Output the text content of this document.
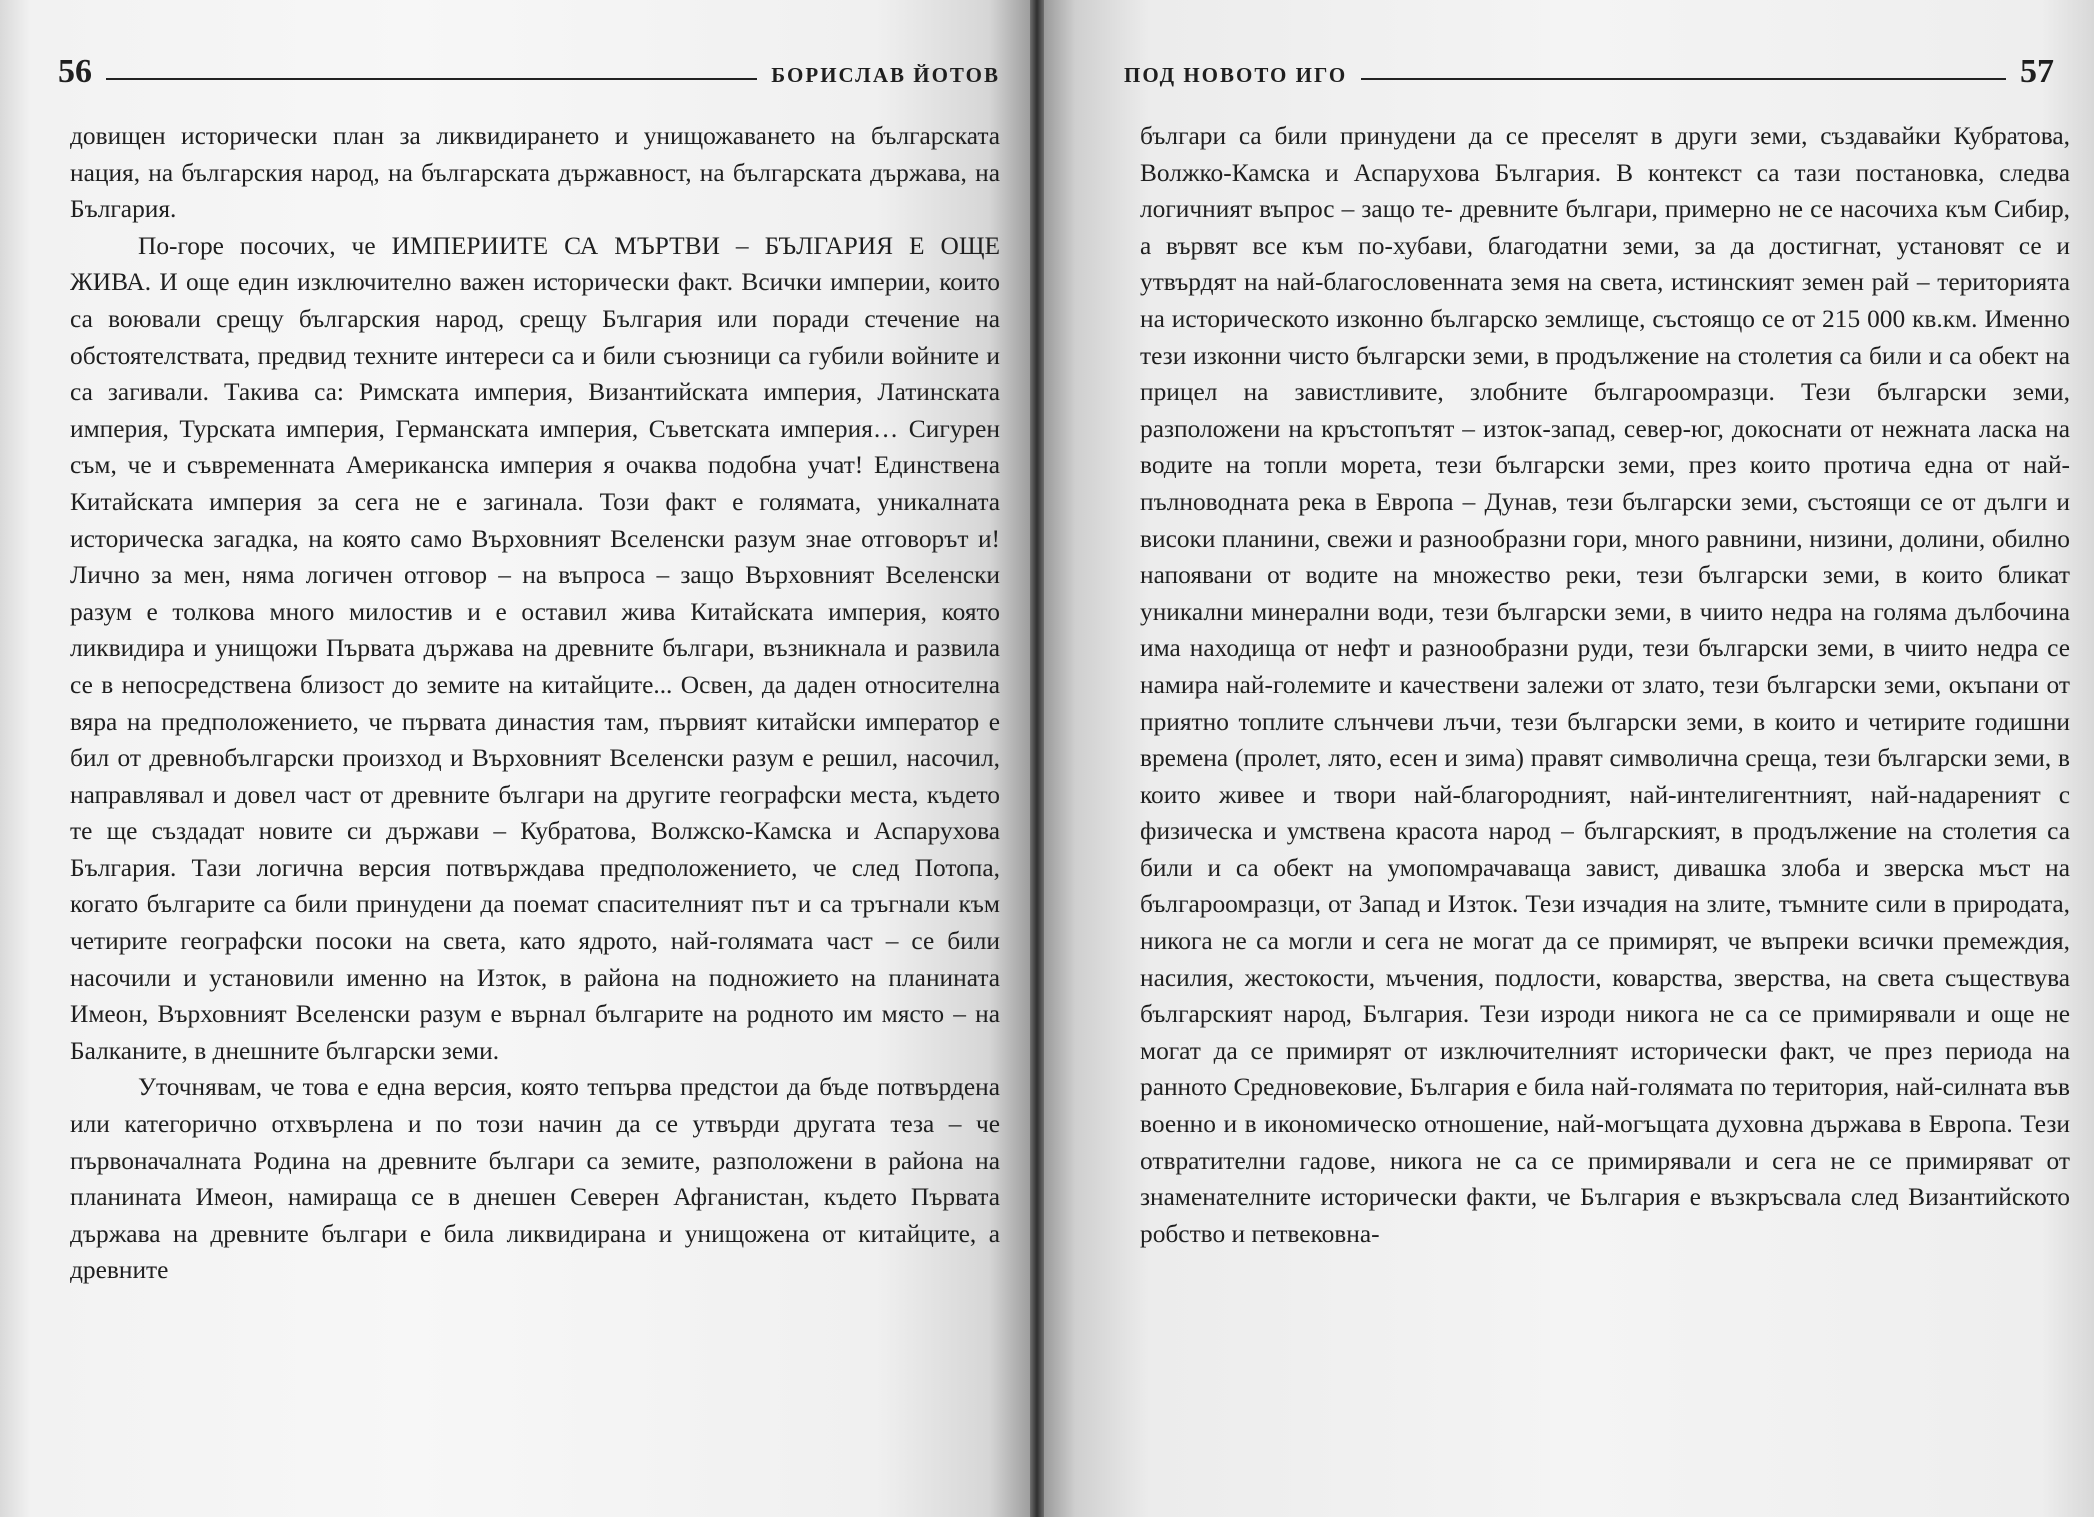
56	БОРИСЛАВ ЙОТОВ

довищен исторически план за ликвидирането и унищожаването на българската нация, на българския народ, на българската държавност, на българската държава, на България.

По-горе посочих, че ИМПЕРИИТЕ СА МЪРТВИ – БЪЛГАРИЯ Е ОЩЕ ЖИВА. И още един изключително важен исторически факт. Всички империи, които са воювали срещу българския народ, срещу България или поради стечение на обстоятелствата, предвид техните интереси са и били съюзници са губили войните и са загивали. Такива са: Римската империя, Византийската империя, Латинската империя, Турската империя, Германската империя, Съветската империя… Сигурен съм, че и съвременната Американска империя я очаква подобна учат! Единствена Китайската империя за сега не е загинала. Този факт е голямата, уникалната историческа загадка, на която само Върховният Вселенски разум знае отговорът и! Лично за мен, няма логичен отговор – на въпроса – защо Върховният Вселенски разум е толкова много милостив и е оставил жива Китайската империя, която ликвидира и унищожи Първата държава на древните българи, възникнала и развила се в непосредствена близост до земите на китайците... Освен, да даден относителна вяра на предположението, че първата династия там, първият китайски император е бил от древнобългарски произход и Върховният Вселенски разум е решил, насочил, направлявал и довел част от древните българи на другите географски места, където те ще създадат новите си държави – Кубратова, Волжско-Камска и Аспарухова България. Тази логична версия потвърждава предположението, че след Потопа, когато българите са били принудени да поемат спасителният път и са тръгнали към четирите географски посоки на света, като ядрото, най-голямата част – се били насочили и установили именно на Изток, в района на подножието на планината Имеон, Върховният Вселенски разум е върнал българите на родното им място – на Балканите, в днешните български земи.

Уточнявам, че това е една версия, която тепърва предстои да бъде потвърдена или категорично отхвърлена и по този начин да се утвърди другата теза – че първоначалната Родина на древните българи са земите, разположени в района на планината Имеон, намираща се в днешен Северен Афганистан, където Първата държава на древните българи е била ликвидирана и унищожена от китайците, а древните

ПОД НОВОТО ИГО	57

българи са били принудени да се преселят в други земи, създавайки Кубратова, Волжко-Камска и Аспарухова България. В контекст са тази постановка, следва логичният въпрос – защо те- древните българи, примерно не се насочиха към Сибир, а вървят все към по-хубави, благодатни земи, за да достигнат, установят се и утвърдят на най-благословенната земя на света, истинският земен рай – територията на историческото изконно българско землище, състоящо се от 215 000 кв.км. Именно тези изконни чисто български земи, в продължение на столетия са били и са обект на прицел на завистливите, злобните българоомразци. Тези български земи, разположени на кръстопътят – изток-запад, север-юг, докоснати от нежната ласка на водите на топли морета, тези български земи, през които протича една от най-пълноводната река в Европа – Дунав, тези български земи, състоящи се от дълги и високи планини, свежи и разнообразни гори, много равнини, низини, долини, обилно напоявани от водите на множество реки, тези български земи, в които бликат уникални минерални води, тези български земи, в чиито недра на голяма дълбочина има находища от нефт и разнообразни руди, тези български земи, в чиито недра се намира най-големите и качествени залежи от злато, тези български земи, окъпани от приятно топлите слънчеви лъчи, тези български земи, в които и четирите годишни времена (пролет, лято, есен и зима) правят символична среща, тези български земи, в които живее и твори най-благородният, най-интелигентният, най-надареният с физическа и умствена красота народ – българският, в продължение на столетия са били и са обект на умопомрачаваща завист, дивашка злоба и зверска мъст на българоомразци, от Запад и Изток. Тези изчадия на злите, тъмните сили в природата, никога не са могли и сега не могат да се примирят, че въпреки всички премеждия, насилия, жестокости, мъчения, подлости, коварства, зверства, на света съществува българският народ, България. Тези изроди никога не са се примирявали и още не могат да се примирят от изключителният исторически факт, че през периода на ранното Средновековие, България е била най-голямата по територия, най-силната във военно и в икономическо отношение, най-могъщата духовна държава в Европа. Тези отвратителни гадове, никога не са се примирявали и сега не се примиряват от знаменателните исторически факти, че България е възкръсвала след Византийското робство и петвековна-
